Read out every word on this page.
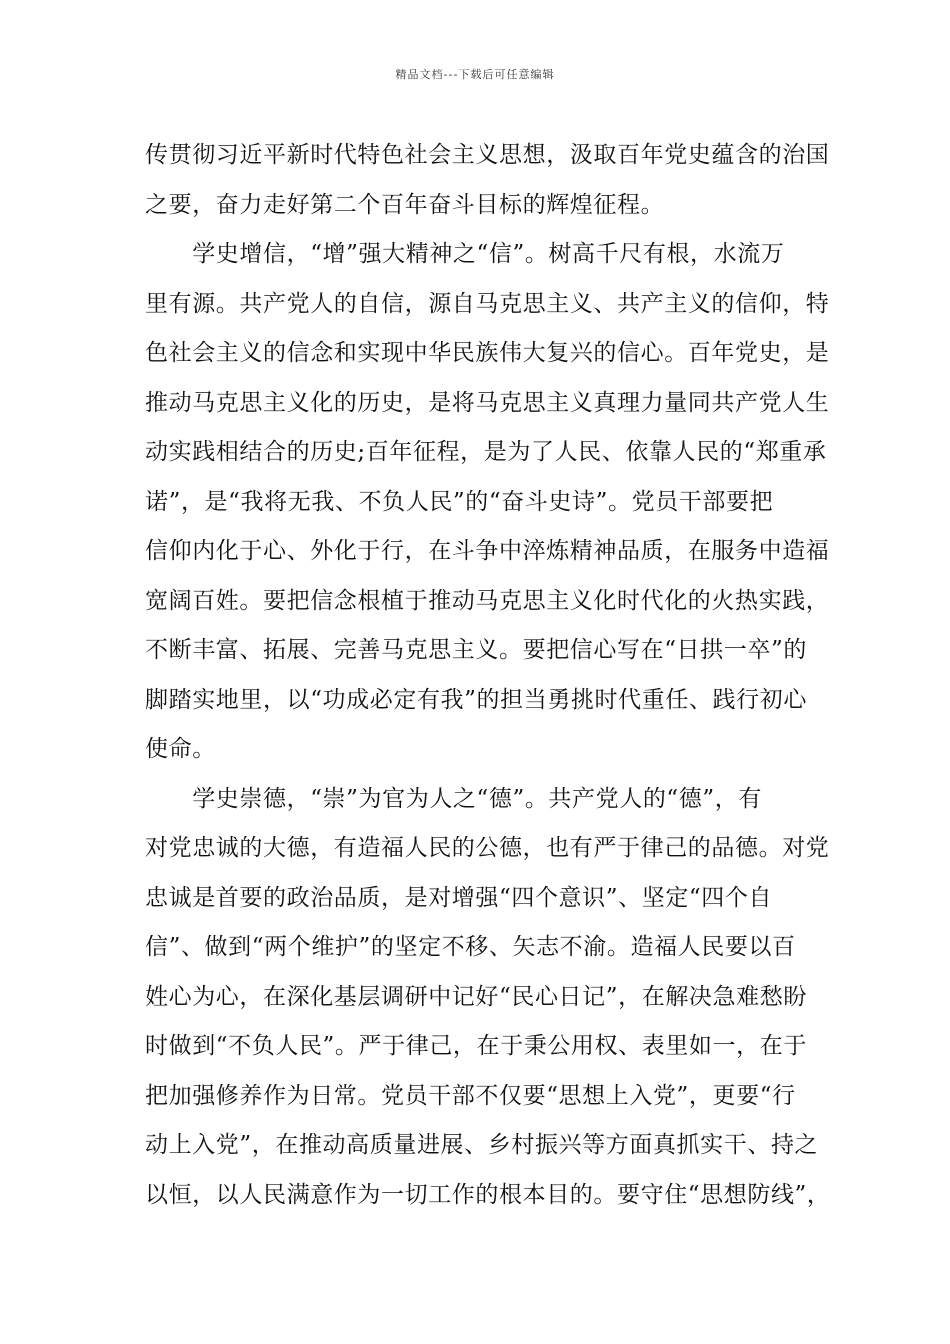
精品文档---下载后可任意编辑
传贯彻习近平新时代特色社会主义思想，汲取百年党史蕴含的治国
之要，奋力走好第二个百年奋斗目标的辉煌征程。
　　学史增信，“增”强大精神之“信”。树高千尺有根，水流万
里有源。共产党人的自信，源自马克思主义、共产主义的信仰，特
色社会主义的信念和实现中华民族伟大复兴的信心。百年党史，是
推动马克思主义化的历史，是将马克思主义真理力量同共产党人生
动实践相结合的历史;百年征程，是为了人民、依靠人民的“郑重承
诺”，是“我将无我、不负人民”的“奋斗史诗”。党员干部要把
信仰内化于心、外化于行，在斗争中淬炼精神品质，在服务中造福
宽阔百姓。要把信念根植于推动马克思主义化时代化的火热实践，
不断丰富、拓展、完善马克思主义。要把信心写在“日拱一卒”的
脚踏实地里，以“功成必定有我”的担当勇挑时代重任、践行初心
使命。
　　学史崇德，“崇”为官为人之“德”。共产党人的“德”，有
对党忠诚的大德，有造福人民的公德，也有严于律己的品德。对党
忠诚是首要的政治品质，是对增强“四个意识”、坚定“四个自
信”、做到“两个维护”的坚定不移、矢志不渝。造福人民要以百
姓心为心，在深化基层调研中记好“民心日记”，在解决急难愁盼
时做到“不负人民”。严于律己，在于秉公用权、表里如一，在于
把加强修养作为日常。党员干部不仅要“思想上入党”，更要“行
动上入党”，在推动高质量进展、乡村振兴等方面真抓实干、持之
以恒，以人民满意作为一切工作的根本目的。要守住“思想防线”，
